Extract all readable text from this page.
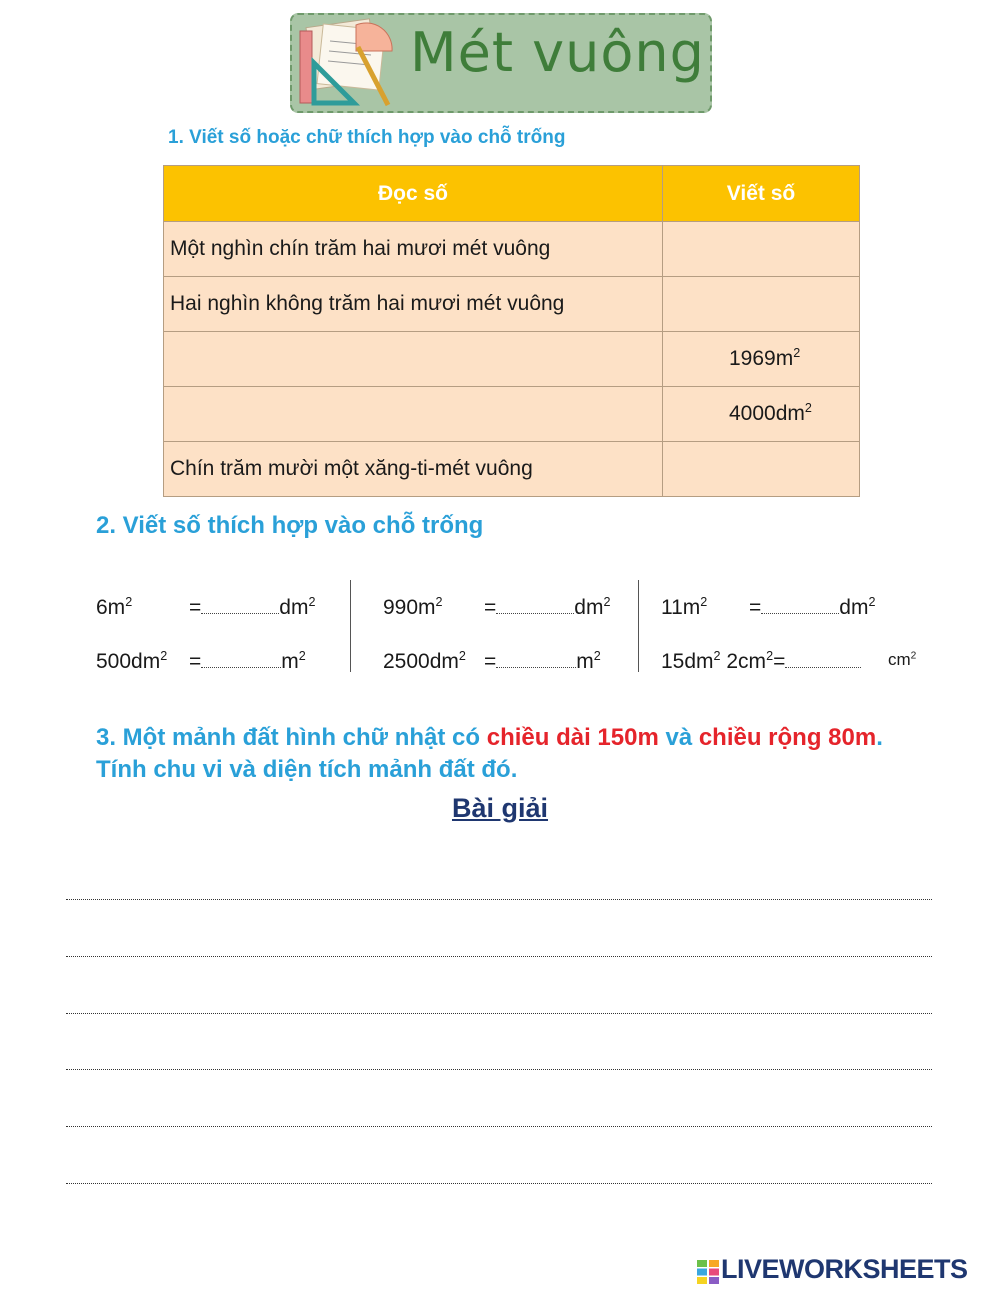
Mét vuông

1. Viết số hoặc chữ thích hợp vào chỗ trống

Đọc số	Viết số
Một nghìn chín trăm hai mươi mét vuông	
Hai nghìn không trăm hai mươi mét vuông	
	$1969m^2$
	$4000dm^2$
Chín trăm mười một xăng-ti-mét vuông	

2. Viết số thích hợp vào chỗ trống

$6m^2$	=	$dm^2$	$990m^2$ =	$dm^2$ $11m^2$ =	$dm^2$
$500dm^2$ =	$m^2$	$2500dm^2$ =	$m^2$	$15dm^2$ $2cm^2=$	$cm^2$

3. Một mảnh đất hình chữ nhật có chiều dài 150m và chiều rộng 80m.
Tính chu vi và diện tích mảnh đất đó.

Bài giải
LIVEWORKSHEETS
